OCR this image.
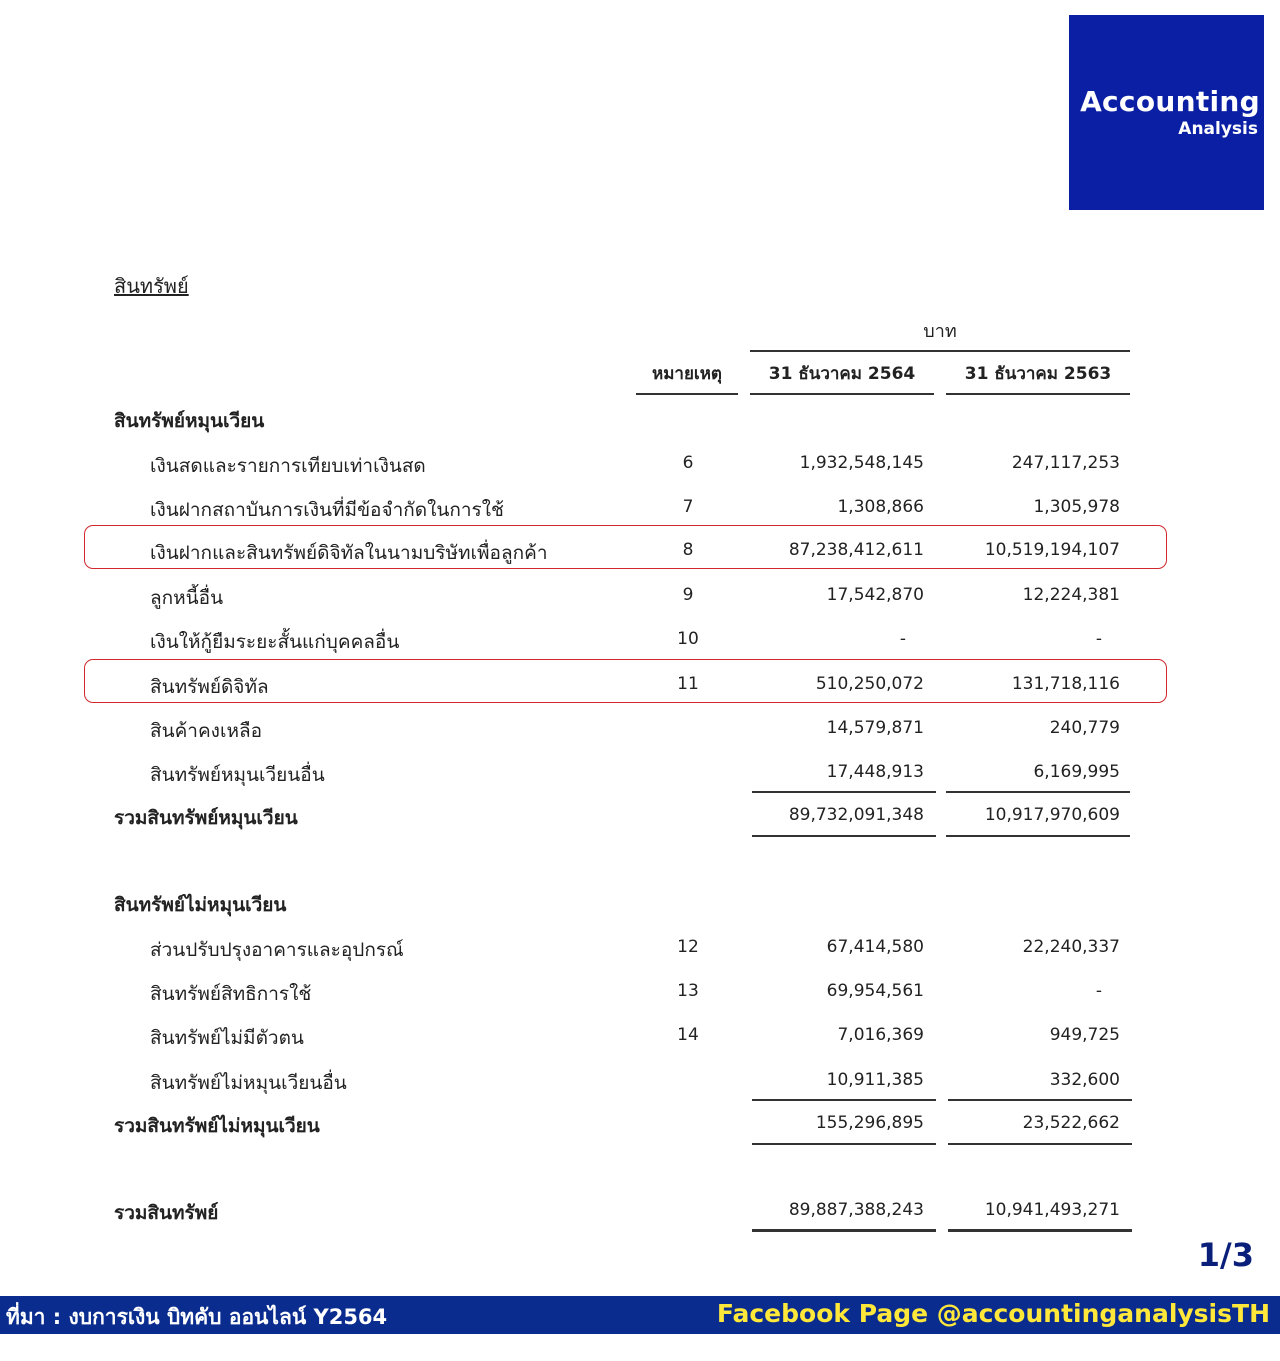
Accounting
Analysis
สินทรัพย์
บาท
หมายเหตุ	31 ธันวาคม 2564	31 ธันวาคม 2563
สินทรัพย์หมุนเวียน
เงินสดและรายการเทียบเท่าเงินสด	6	1,932,548,145	247,117,253
เงินฝากสถาบันการเงินที่มีข้อจำกัดในการใช้	7	1,308,866	1,305,978
เงินฝากและสินทรัพย์ดิจิทัลในนามบริษัทเพื่อลูกค้า	8	87,238,412,611	10,519,194,107
ลูกหนี้อื่น	9	17,542,870	12,224,381
เงินให้กู้ยืมระยะสั้นแก่บุคคลอื่น	10	-	-
สินทรัพย์ดิจิทัล	11	510,250,072	131,718,116
สินค้าคงเหลือ	14,579,871	240,779
สินทรัพย์หมุนเวียนอื่น	17,448,913	6,169,995
รวมสินทรัพย์หมุนเวียน	89,732,091,348	10,917,970,609
สินทรัพย์ไม่หมุนเวียน
ส่วนปรับปรุงอาคารและอุปกรณ์	12	67,414,580	22,240,337
สินทรัพย์สิทธิการใช้	13	69,954,561	-
สินทรัพย์ไม่มีตัวตน	14	7,016,369	949,725
สินทรัพย์ไม่หมุนเวียนอื่น	10,911,385	332,600
รวมสินทรัพย์ไม่หมุนเวียน	155,296,895	23,522,662
รวมสินทรัพย์	89,887,388,243	10,941,493,271
1/3
ที่มา : งบการเงิน บิทคับ ออนไลน์ Y2564	Facebook Page @accountinganalysisTH
